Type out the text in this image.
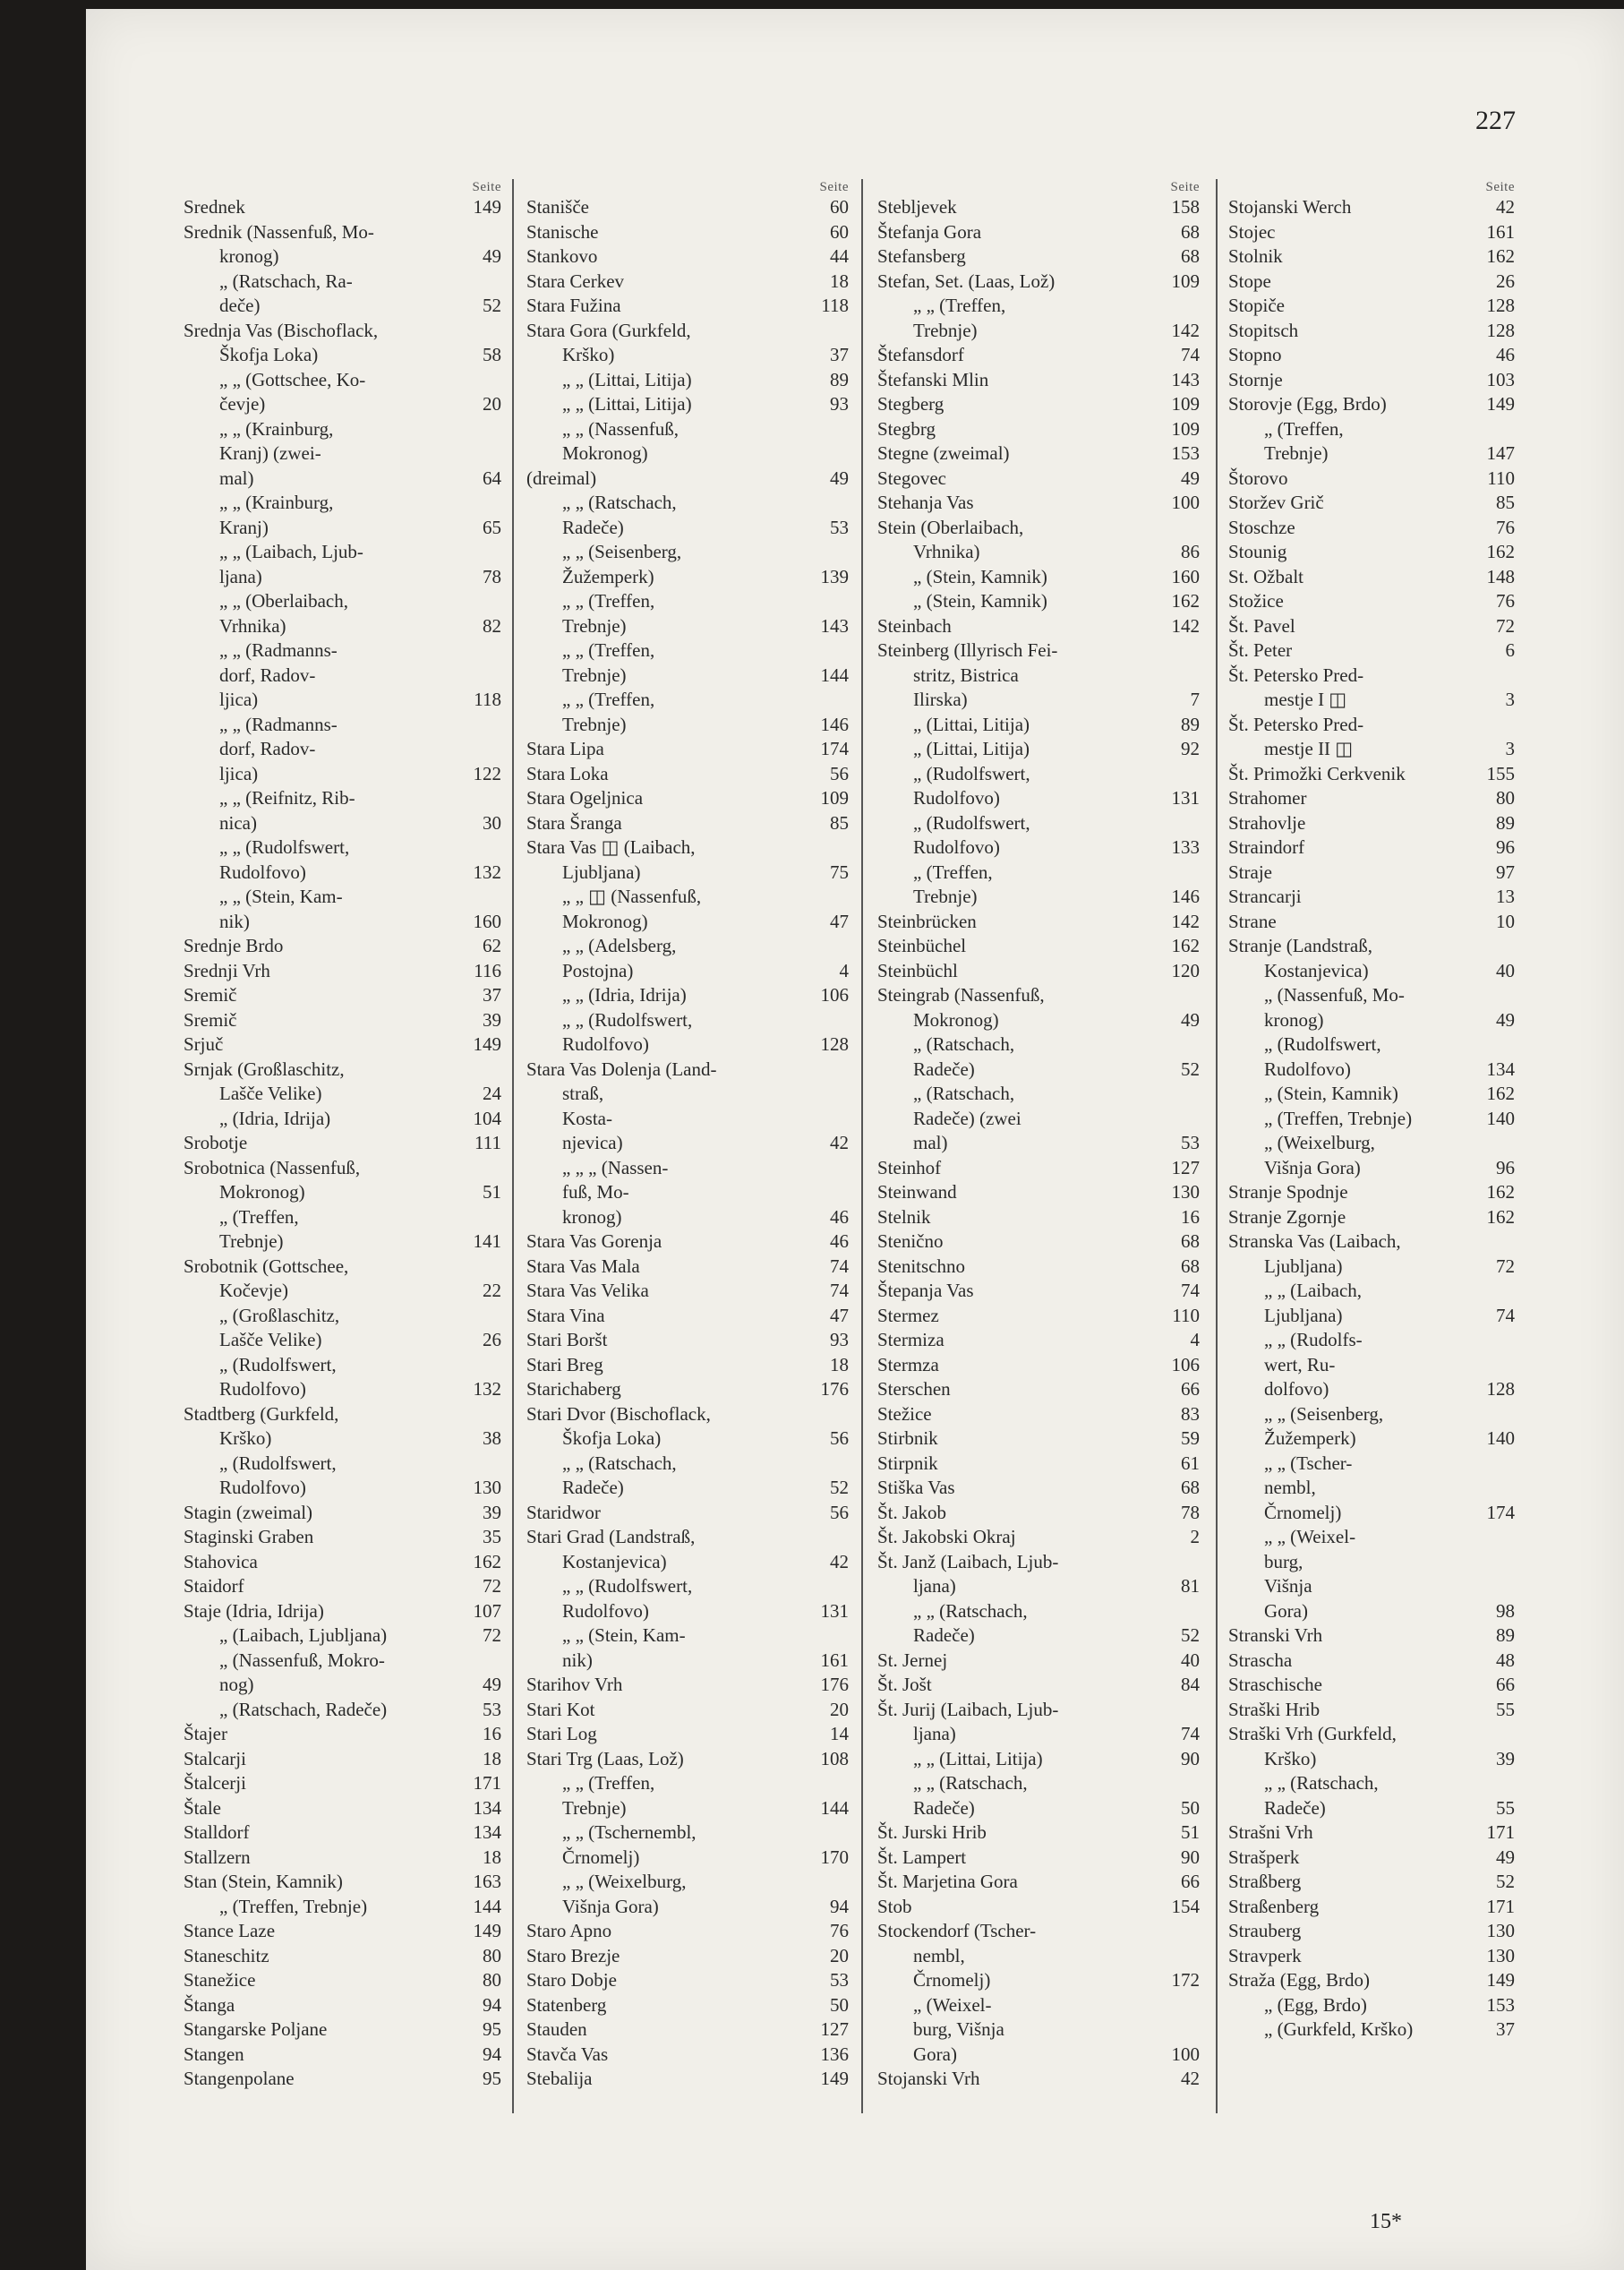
227
Seite
Srednek	149
Srednik (Nassenfuß, Mo-
kronog)	49
„ (Ratschach, Ra-
deče)	52
Srednja Vas (Bischoflack,
Škofja Loka)	58
„ „ (Gottschee, Ko-
čevje)	20
„ „ (Krainburg,
Kranj) (zwei-
mal)	64
„ „ (Krainburg,
Kranj)	65
„ „ (Laibach, Ljub-
ljana)	78
„ „ (Oberlaibach,
Vrhnika)	82
„ „ (Radmanns-
dorf, Radov-
ljica)	118
„ „ (Radmanns-
dorf, Radov-
ljica)	122
„ „ (Reifnitz, Rib-
nica)	30
„ „ (Rudolfswert,
Rudolfovo)	132
„ „ (Stein, Kam-
nik)	160
Srednje Brdo	62
Srednji Vrh	116
Sremič	37
Sremič	39
Srjuč	149
Srnjak (Großlaschitz,
Lašče Velike)	24
„ (Idria, Idrija)	104
Srobotje	111
Srobotnica (Nassenfuß,
Mokronog)	51
„ (Treffen,
Trebnje)	141
Srobotnik (Gottschee,
Kočevje)	22
„ (Großlaschitz,
Lašče Velike)	26
„ (Rudolfswert,
Rudolfovo)	132
Stadtberg (Gurkfeld,
Krško)	38
„ (Rudolfswert,
Rudolfovo)	130
Stagin (zweimal)	39
Staginski Graben	35
Stahovica	162
Staidorf	72
Staje (Idria, Idrija)	107
„ (Laibach, Ljubljana)	72
„ (Nassenfuß, Mokro-
nog)	49
„ (Ratschach, Radeče)	53
Štajer	16
Stalcarji	18
Štalcerji	171
Štale	134
Stalldorf	134
Stallzern	18
Stan (Stein, Kamnik)	163
„ (Treffen, Trebnje)	144
Stance Laze	149
Staneschitz	80
Stanežice	80
Štanga	94
Stangarske Poljane	95
Stangen	94
Stangenpolane	95
Seite
Stanišče	60
Stanische	60
Stankovo	44
Stara Cerkev	18
Stara Fužina	118
Stara Gora (Gurkfeld,
Krško)	37
„ „ (Littai, Litija)	89
„ „ (Littai, Litija)	93
„ „ (Nassenfuß,
Mokronog)
(dreimal)	49
„ „ (Ratschach,
Radeče)	53
„ „ (Seisenberg,
Žužemperk)	139
„ „ (Treffen,
Trebnje)	143
„ „ (Treffen,
Trebnje)	144
„ „ (Treffen,
Trebnje)	146
Stara Lipa	174
Stara Loka	56
Stara Ogeljnica	109
Stara Šranga	85
Stara Vas ◫ (Laibach,
Ljubljana)	75
„ „ ◫ (Nassenfuß,
Mokronog)	47
„ „ (Adelsberg,
Postojna)	4
„ „ (Idria, Idrija)	106
„ „ (Rudolfswert,
Rudolfovo)	128
Stara Vas Dolenja (Land-
straß,
Kosta-
njevica)	42
„ „ „ (Nassen-
fuß, Mo-
kronog)	46
Stara Vas Gorenja	46
Stara Vas Mala	74
Stara Vas Velika	74
Stara Vina	47
Stari Boršt	93
Stari Breg	18
Starichaberg	176
Stari Dvor (Bischoflack,
Škofja Loka)	56
„ „ (Ratschach,
Radeče)	52
Staridwor	56
Stari Grad (Landstraß,
Kostanjevica)	42
„ „ (Rudolfswert,
Rudolfovo)	131
„ „ (Stein, Kam-
nik)	161
Starihov Vrh	176
Stari Kot	20
Stari Log	14
Stari Trg (Laas, Lož)	108
„ „ (Treffen,
Trebnje)	144
„ „ (Tschernembl,
Črnomelj)	170
„ „ (Weixelburg,
Višnja Gora)	94
Staro Apno	76
Staro Brezje	20
Staro Dobje	53
Statenberg	50
Stauden	127
Stavča Vas	136
Stebalija	149
Seite
Stebljevek	158
Štefanja Gora	68
Stefansberg	68
Stefan, Set. (Laas, Lož)	109
„ „ (Treffen,
Trebnje)	142
Štefansdorf	74
Štefanski Mlin	143
Stegberg	109
Stegbrg	109
Stegne (zweimal)	153
Stegovec	49
Stehanja Vas	100
Stein (Oberlaibach,
Vrhnika)	86
„ (Stein, Kamnik)	160
„ (Stein, Kamnik)	162
Steinbach	142
Steinberg (Illyrisch Fei-
stritz, Bistrica
Ilirska)	7
„ (Littai, Litija)	89
„ (Littai, Litija)	92
„ (Rudolfswert,
Rudolfovo)	131
„ (Rudolfswert,
Rudolfovo)	133
„ (Treffen,
Trebnje)	146
Steinbrücken	142
Steinbüchel	162
Steinbüchl	120
Steingrab (Nassenfuß,
Mokronog)	49
„ (Ratschach,
Radeče)	52
„ (Ratschach,
Radeče) (zwei
mal)	53
Steinhof	127
Steinwand	130
Stelnik	16
Stenično	68
Stenitschno	68
Štepanja Vas	74
Stermez	110
Stermiza	4
Stermza	106
Sterschen	66
Stežice	83
Stirbnik	59
Stirpnik	61
Stiška Vas	68
Št. Jakob	78
Št. Jakobski Okraj	2
Št. Janž (Laibach, Ljub-
ljana)	81
„ „ (Ratschach,
Radeče)	52
St. Jernej	40
Št. Jošt	84
Št. Jurij (Laibach, Ljub-
ljana)	74
„ „ (Littai, Litija)	90
„ „ (Ratschach,
Radeče)	50
Št. Jurski Hrib	51
Št. Lampert	90
Št. Marjetina Gora	66
Stob	154
Stockendorf (Tscher-
nembl,
Črnomelj)	172
„ (Weixel-
burg, Višnja
Gora)	100
Stojanski Vrh	42
Seite
Stojanski Werch	42
Stojec	161
Stolnik	162
Stope	26
Stopiče	128
Stopitsch	128
Stopno	46
Stornje	103
Storovje (Egg, Brdo)	149
„ (Treffen,
Trebnje)	147
Štorovo	110
Storžev Grič	85
Stoschze	76
Stounig	162
St. Ožbalt	148
Stožice	76
Št. Pavel	72
Št. Peter	6
Št. Petersko Pred-
mestje I ◫	3
Št. Petersko Pred-
mestje II ◫	3
Št. Primožki Cerkvenik	155
Strahomer	80
Strahovlje	89
Straindorf	96
Straje	97
Strancarji	13
Strane	10
Stranje (Landstraß,
Kostanjevica)	40
„ (Nassenfuß, Mo-
kronog)	49
„ (Rudolfswert,
Rudolfovo)	134
„ (Stein, Kamnik)	162
„ (Treffen, Trebnje)	140
„ (Weixelburg,
Višnja Gora)	96
Stranje Spodnje	162
Stranje Zgornje	162
Stranska Vas (Laibach,
Ljubljana)	72
„ „ (Laibach,
Ljubljana)	74
„ „ (Rudolfs-
wert, Ru-
dolfovo)	128
„ „ (Seisenberg,
Žužemperk)	140
„ „ (Tscher-
nembl,
Črnomelj)	174
„ „ (Weixel-
burg,
Višnja
Gora)	98
Stranski Vrh	89
Strascha	48
Straschische	66
Straški Hrib	55
Straški Vrh (Gurkfeld,
Krško)	39
„ „ (Ratschach,
Radeče)	55
Strašni Vrh	171
Strašperk	49
Straßberg	52
Straßenberg	171
Strauberg	130
Stravperk	130
Straža (Egg, Brdo)	149
„ (Egg, Brdo)	153
„ (Gurkfeld, Krško)	37
15*
